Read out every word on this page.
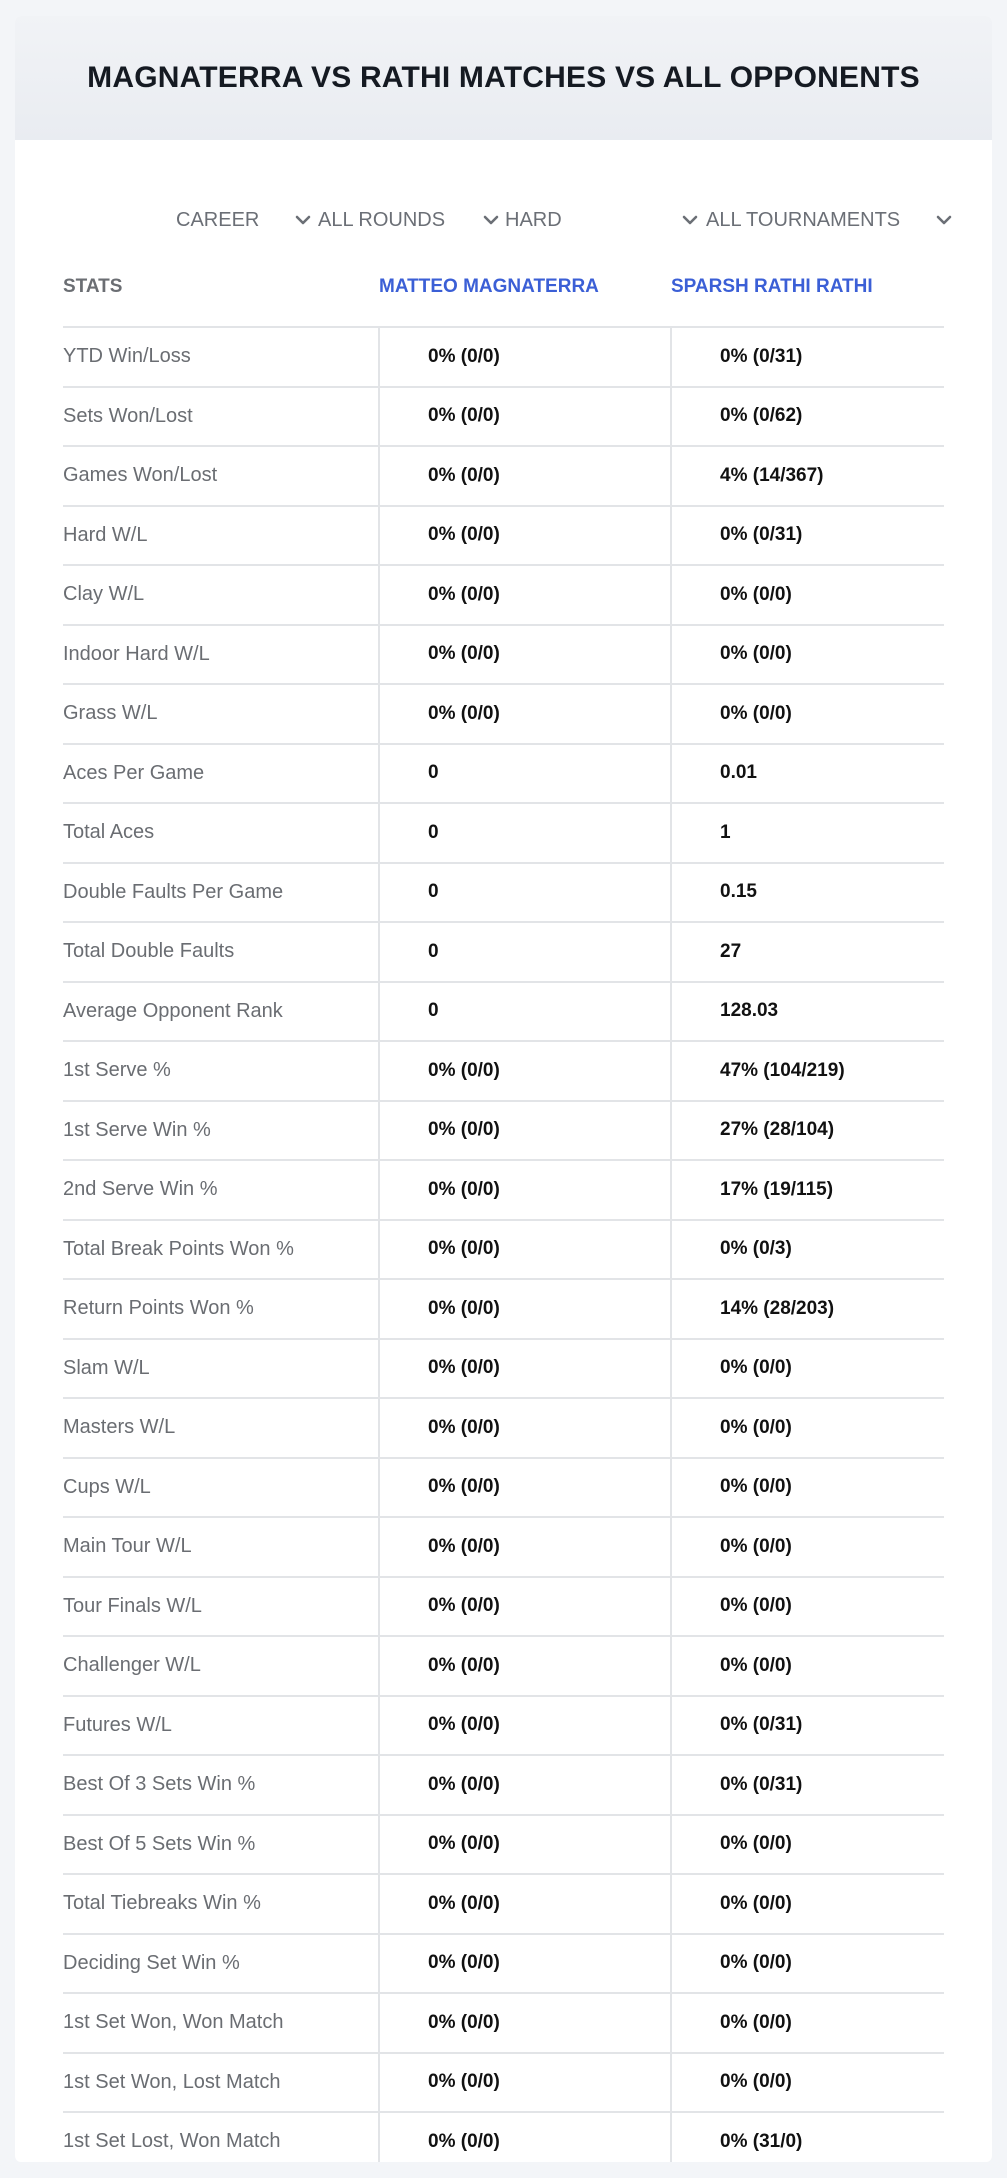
MAGNATERRA VS RATHI MATCHES VS ALL OPPONENTS
CAREER	ALL ROUNDS	HARD	ALL TOURNAMENTS
STATS	MATTEO MAGNATERRA	SPARSH RATHI RATHI
YTD Win/Loss	0% (0/0)	0% (0/31)
Sets Won/Lost	0% (0/0)	0% (0/62)
Games Won/Lost	0% (0/0)	4% (14/367)
Hard W/L	0% (0/0)	0% (0/31)
Clay W/L	0% (0/0)	0% (0/0)
Indoor Hard W/L	0% (0/0)	0% (0/0)
Grass W/L	0% (0/0)	0% (0/0)
Aces Per Game	0	0.01
Total Aces	0	1
Double Faults Per Game	0	0.15
Total Double Faults	0	27
Average Opponent Rank	0	128.03
1st Serve %	0% (0/0)	47% (104/219)
1st Serve Win %	0% (0/0)	27% (28/104)
2nd Serve Win %	0% (0/0)	17% (19/115)
Total Break Points Won %	0% (0/0)	0% (0/3)
Return Points Won %	0% (0/0)	14% (28/203)
Slam W/L	0% (0/0)	0% (0/0)
Masters W/L	0% (0/0)	0% (0/0)
Cups W/L	0% (0/0)	0% (0/0)
Main Tour W/L	0% (0/0)	0% (0/0)
Tour Finals W/L	0% (0/0)	0% (0/0)
Challenger W/L	0% (0/0)	0% (0/0)
Futures W/L	0% (0/0)	0% (0/31)
Best Of 3 Sets Win %	0% (0/0)	0% (0/31)
Best Of 5 Sets Win %	0% (0/0)	0% (0/0)
Total Tiebreaks Win %	0% (0/0)	0% (0/0)
Deciding Set Win %	0% (0/0)	0% (0/0)
1st Set Won, Won Match	0% (0/0)	0% (0/0)
1st Set Won, Lost Match	0% (0/0)	0% (0/0)
1st Set Lost, Won Match	0% (0/0)	0% (31/0)
